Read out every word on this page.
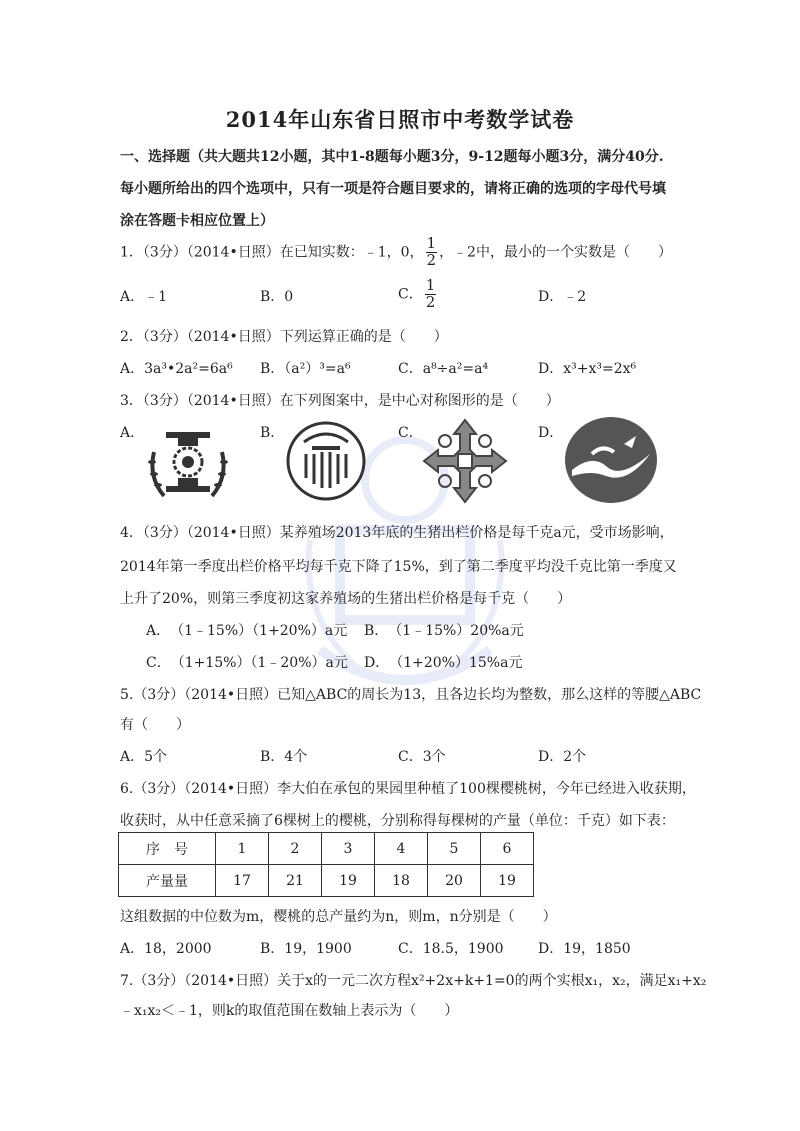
2014年山东省日照市中考数学试卷
一、选择题（共大题共12小题，其中1-8题每小题3分，9-12题每小题3分，满分40分.
每小题所给出的四个选项中，只有一项是符合题目要求的，请将正确的选项的字母代号填
涂在答题卡相应位置上）
1．（3分）（2014•日照）在已知实数：﹣1，0， $\frac{1}{2}$ ，﹣2中，最小的一个实数是（　　）
A．﹣1	B．0	C． $\frac{1}{2}$	D．﹣2
2．（3分）（2014•日照）下列运算正确的是（　　）
A．3a³•2a²=6a⁶ B．（a²）³=a⁶	C．a⁸÷a²=a⁴	D．x³+x³=2x⁶
3．（3分）（2014•日照）在下列图案中，是中心对称图形的是（　　）
A．	B．	C．	D．
4．（3分）（2014•日照）某养殖场2013年底的生猪出栏价格是每千克a元，受市场影响，
2014年第一季度出栏价格平均每千克下降了15%，到了第二季度平均没千克比第一季度又
上升了20%，则第三季度初这家养殖场的生猪出栏价格是每千克（　　）
A．　（1﹣15%）（1+20%）a元 B．　（1﹣15%）20%a元
C．　（1+15%）（1﹣20%）a元 D．　（1+20%）15%a元
5.（3分）（2014•日照）已知△ABC的周长为13，且各边长均为整数，那么这样的等腰△ABC
有（　　）
A．5个	B．4个	C．3个	D．2个
6.（3分）（2014•日照）李大伯在承包的果园里种植了100棵樱桃树，今年已经进入收获期，
收获时，从中任意采摘了6棵树上的樱桃，分别称得每棵树的产量（单位：千克）如下表：
序　号	1	2	3	4	5	6
产量量	17	21	19	18	20	19
这组数据的中位数为m，樱桃的总产量约为n，则m，n分别是（　　）
A．18，2000	B．19，1900	C．18.5，1900 D．19，1850
7.（3分）（2014•日照）关于x的一元二次方程x²+2x+k+1=0的两个实根x₁，x₂，满足x₁+x₂
﹣x₁x₂＜﹣1，则k的取值范围在数轴上表示为（　　）
